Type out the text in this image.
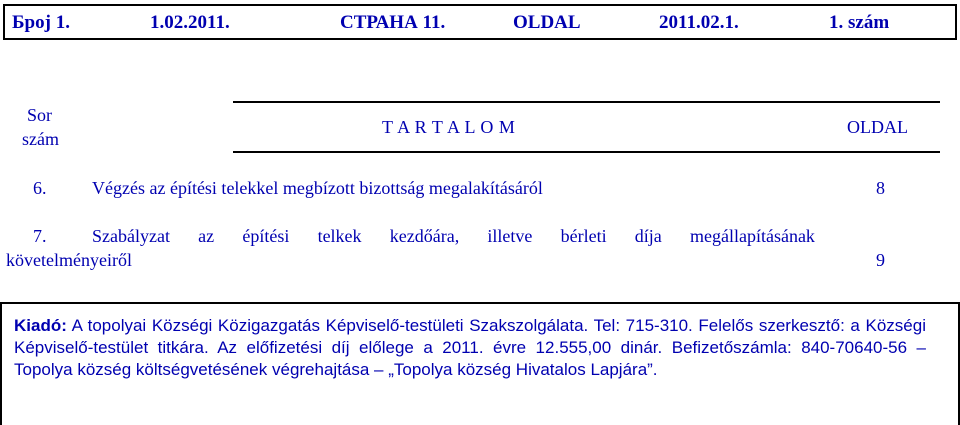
Број 1.	1.02.2011.	СТРАНА 11.	OLDAL	2011.02.1.	1. szám
Sor
szám
T A R T A L O M	OLDAL
6.	Végzés az építési telekkel megbízott bizottság megalakításáról	8
7.	Szabályzat az építési telkek kezdőára, illetve bérleti díja megállapításának
követelményeiről	9

Kiadó: A topolyai Községi Közigazgatás Képviselő-testületi Szakszolgálata. Tel: 715-310. Felelős szerkesztő: a Községi Képviselő-testület titkára. Az előfizetési díj előlege a 2011. évre 12.555,00 dinár. Befizetőszámla: 840-70640-56 – Topolya község költségvetésének végrehajtása – „Topolya község Hivatalos Lapjára”.
